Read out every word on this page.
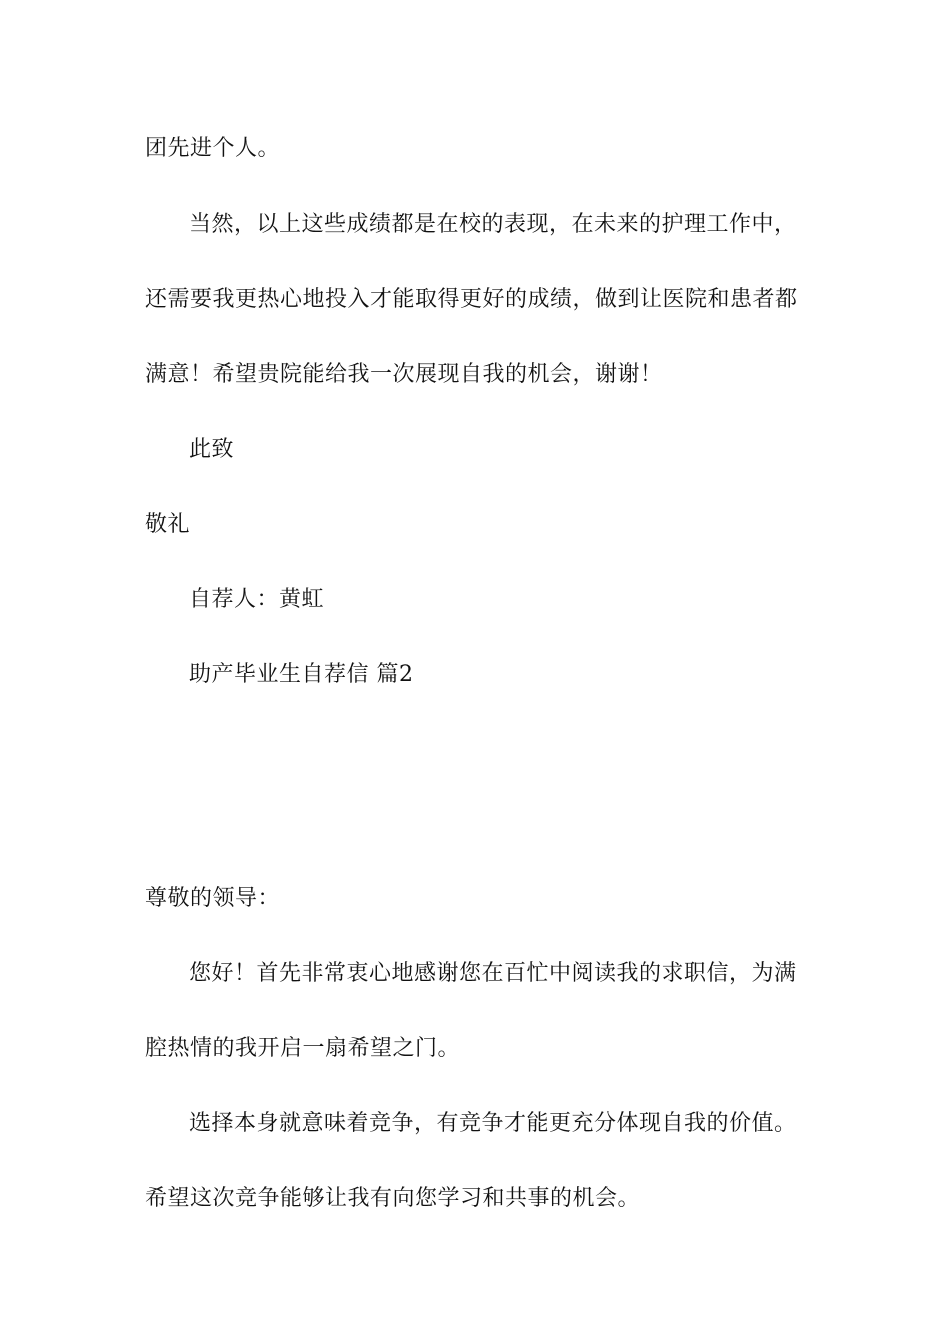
团先进个人。
当然，以上这些成绩都是在校的表现，在未来的护理工作中，
还需要我更热心地投入才能取得更好的成绩，做到让医院和患者都
满意！希望贵院能给我一次展现自我的机会，谢谢！
此致
敬礼
自荐人：黄虹
助产毕业生自荐信 篇2
尊敬的领导：
您好！首先非常衷心地感谢您在百忙中阅读我的求职信，为满
腔热情的我开启一扇希望之门。
选择本身就意味着竞争，有竞争才能更充分体现自我的价值。
希望这次竞争能够让我有向您学习和共事的机会。
